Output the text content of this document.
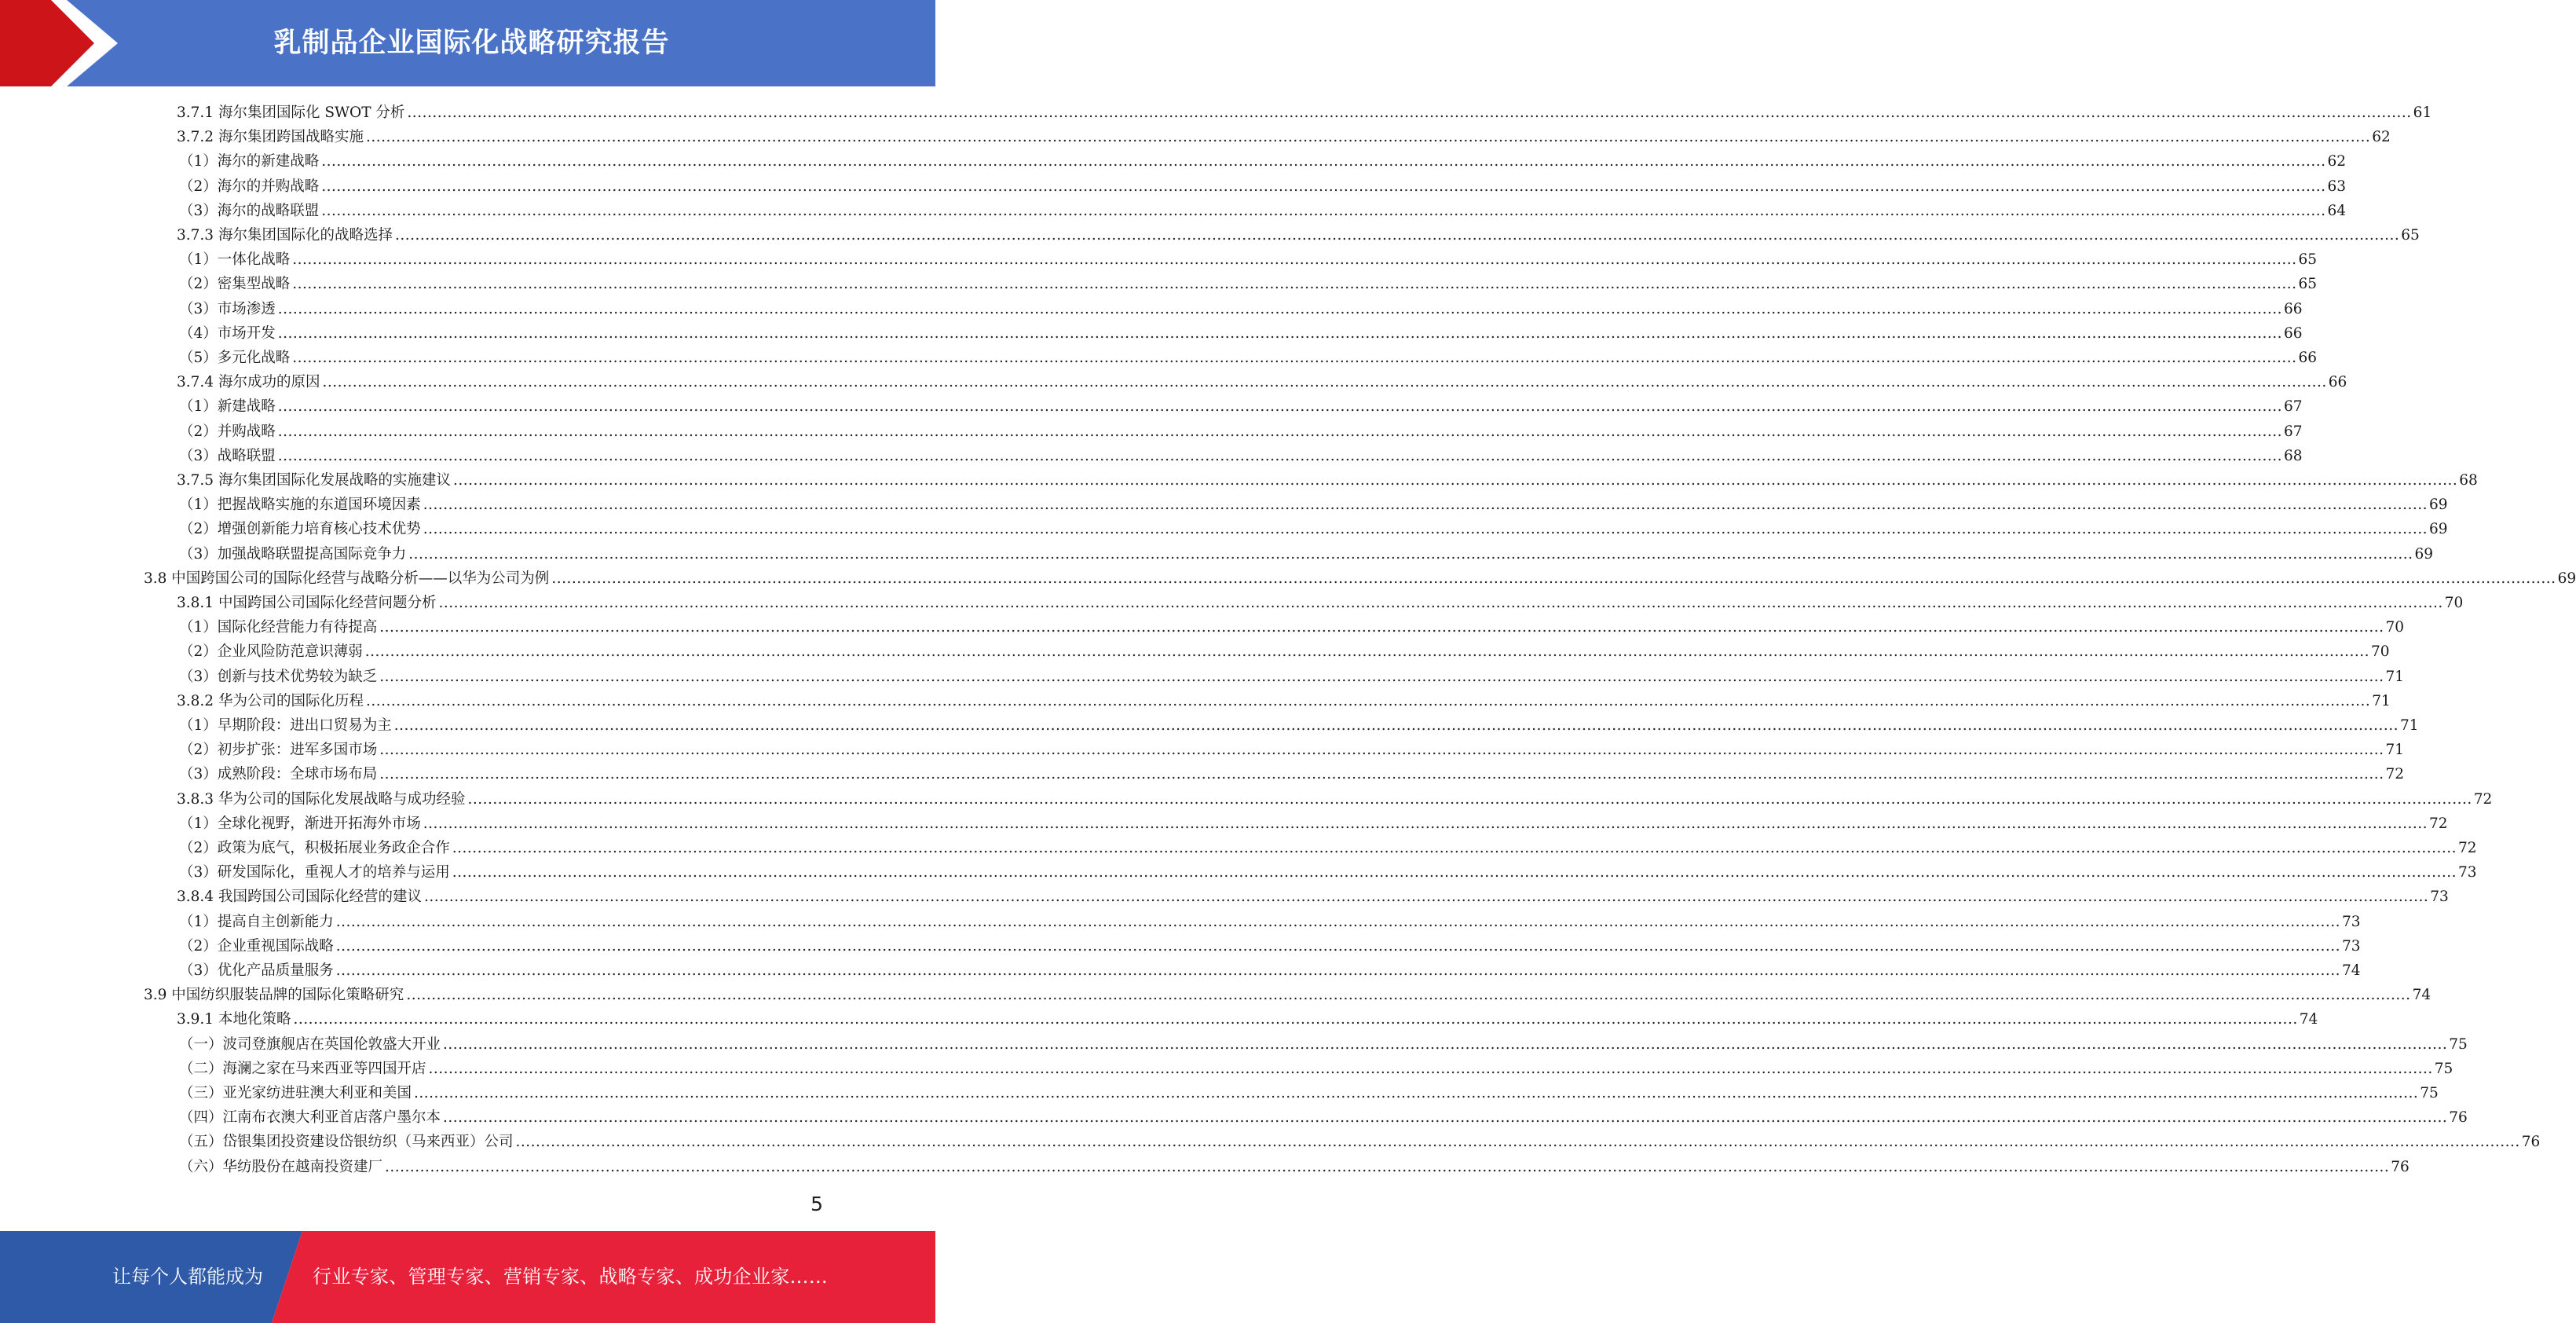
乳制品企业国际化战略研究报告
3.7.1 海尔集团国际化 SWOT 分析 ................................................................................................................................................................................................................................................................................................................................................................................................................ 61
3.7.2 海尔集团跨国战略实施 ................................................................................................................................................................................................................................................................................................................................................................................................................ 62
（1）海尔的新建战略 ................................................................................................................................................................................................................................................................................................................................................................................................................ 62
（2）海尔的并购战略 ................................................................................................................................................................................................................................................................................................................................................................................................................ 63
（3）海尔的战略联盟 ................................................................................................................................................................................................................................................................................................................................................................................................................ 64
3.7.3 海尔集团国际化的战略选择 ................................................................................................................................................................................................................................................................................................................................................................................................................ 65
（1）一体化战略 ................................................................................................................................................................................................................................................................................................................................................................................................................ 65
（2）密集型战略 ................................................................................................................................................................................................................................................................................................................................................................................................................ 65
（3）市场渗透 ................................................................................................................................................................................................................................................................................................................................................................................................................ 66
（4）市场开发 ................................................................................................................................................................................................................................................................................................................................................................................................................ 66
（5）多元化战略 ................................................................................................................................................................................................................................................................................................................................................................................................................ 66
3.7.4 海尔成功的原因 ................................................................................................................................................................................................................................................................................................................................................................................................................ 66
（1）新建战略 ................................................................................................................................................................................................................................................................................................................................................................................................................ 67
（2）并购战略 ................................................................................................................................................................................................................................................................................................................................................................................................................ 67
（3）战略联盟 ................................................................................................................................................................................................................................................................................................................................................................................................................ 68
3.7.5 海尔集团国际化发展战略的实施建议 ................................................................................................................................................................................................................................................................................................................................................................................................................ 68
（1）把握战略实施的东道国环境因素 ................................................................................................................................................................................................................................................................................................................................................................................................................ 69
（2）增强创新能力培育核心技术优势 ................................................................................................................................................................................................................................................................................................................................................................................................................ 69
（3）加强战略联盟提高国际竞争力 ................................................................................................................................................................................................................................................................................................................................................................................................................ 69
3.8 中国跨国公司的国际化经营与战略分析——以华为公司为例 ................................................................................................................................................................................................................................................................................................................................................................................................................ 69
3.8.1 中国跨国公司国际化经营问题分析 ................................................................................................................................................................................................................................................................................................................................................................................................................ 70
（1）国际化经营能力有待提高 ................................................................................................................................................................................................................................................................................................................................................................................................................ 70
（2）企业风险防范意识薄弱 ................................................................................................................................................................................................................................................................................................................................................................................................................ 70
（3）创新与技术优势较为缺乏 ................................................................................................................................................................................................................................................................................................................................................................................................................ 71
3.8.2 华为公司的国际化历程 ................................................................................................................................................................................................................................................................................................................................................................................................................ 71
（1）早期阶段：进出口贸易为主 ................................................................................................................................................................................................................................................................................................................................................................................................................ 71
（2）初步扩张：进军多国市场 ................................................................................................................................................................................................................................................................................................................................................................................................................ 71
（3）成熟阶段：全球市场布局 ................................................................................................................................................................................................................................................................................................................................................................................................................ 72
3.8.3 华为公司的国际化发展战略与成功经验 ................................................................................................................................................................................................................................................................................................................................................................................................................ 72
（1）全球化视野，渐进开拓海外市场 ................................................................................................................................................................................................................................................................................................................................................................................................................ 72
（2）政策为底气，积极拓展业务政企合作 ................................................................................................................................................................................................................................................................................................................................................................................................................ 72
（3）研发国际化，重视人才的培养与运用 ................................................................................................................................................................................................................................................................................................................................................................................................................ 73
3.8.4 我国跨国公司国际化经营的建议 ................................................................................................................................................................................................................................................................................................................................................................................................................ 73
（1）提高自主创新能力 ................................................................................................................................................................................................................................................................................................................................................................................................................ 73
（2）企业重视国际战略 ................................................................................................................................................................................................................................................................................................................................................................................................................ 73
（3）优化产品质量服务 ................................................................................................................................................................................................................................................................................................................................................................................................................ 74
3.9 中国纺织服装品牌的国际化策略研究 ................................................................................................................................................................................................................................................................................................................................................................................................................ 74
3.9.1 本地化策略 ................................................................................................................................................................................................................................................................................................................................................................................................................ 74
（一）波司登旗舰店在英国伦敦盛大开业 ................................................................................................................................................................................................................................................................................................................................................................................................................ 75
（二）海澜之家在马来西亚等四国开店 ................................................................................................................................................................................................................................................................................................................................................................................................................ 75
（三）亚光家纺进驻澳大利亚和美国 ................................................................................................................................................................................................................................................................................................................................................................................................................ 75
（四）江南布衣澳大利亚首店落户墨尔本 ................................................................................................................................................................................................................................................................................................................................................................................................................ 76
（五）岱银集团投资建设岱银纺织（马来西亚）公司 ................................................................................................................................................................................................................................................................................................................................................................................................................ 76
（六）华纺股份在越南投资建厂 ................................................................................................................................................................................................................................................................................................................................................................................................................ 76
5
让每个人都能成为	行业专家、管理专家、营销专家、战略专家、成功企业家……
